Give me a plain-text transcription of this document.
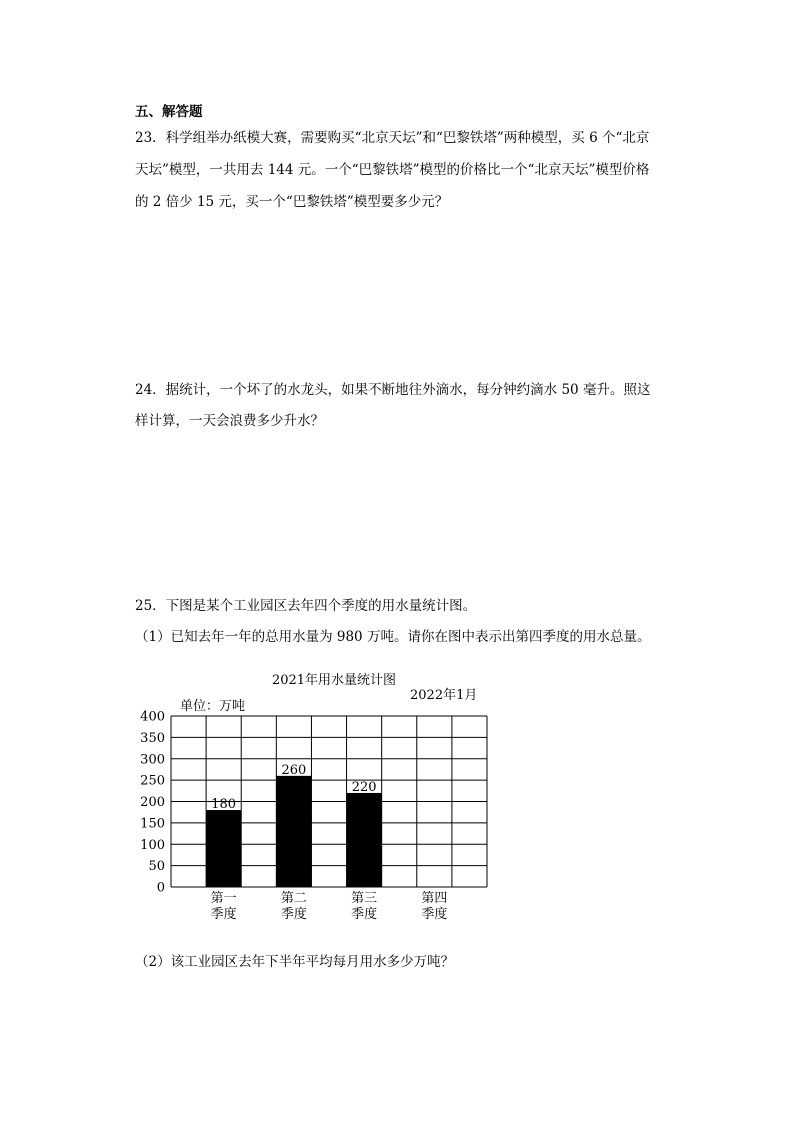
五、解答题
23．科学组举办纸模大赛，需要购买“北京天坛”和“巴黎铁塔”两种模型，买 6 个“北京
天坛”模型，一共用去 144 元。一个“巴黎铁塔”模型的价格比一个“北京天坛”模型价格
的 2 倍少 15 元，买一个“巴黎铁塔”模型要多少元？
24．据统计，一个坏了的水龙头，如果不断地往外滴水，每分钟约滴水 50 毫升。照这
样计算，一天会浪费多少升水？
25．下图是某个工业园区去年四个季度的用水量统计图。
（1）已知去年一年的总用水量为 980 万吨。请你在图中表示出第四季度的用水总量。
2021年用水量统计图
2022年1月
单位：万吨
0
50
100
150
200
250
300
350
400
180
第一
季度
260
第二
季度
220
第三
季度
第四
季度
（2）该工业园区去年下半年平均每月用水多少万吨？
